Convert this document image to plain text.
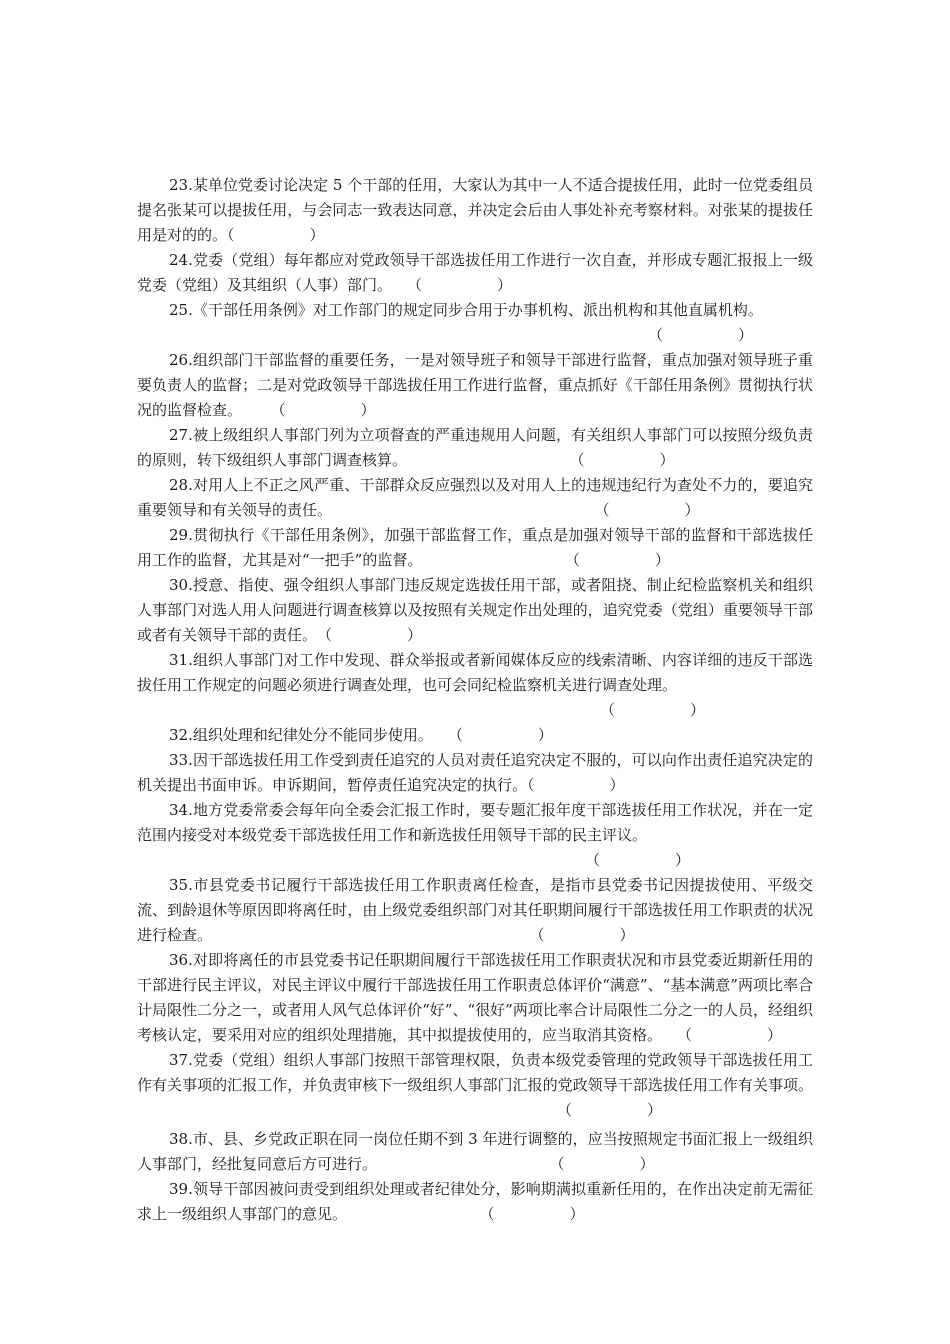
23.某单位党委讨论决定 5 个干部的任用，大家认为其中一人不适合提拔任用，此时一位党委组员提名张某可以提拔任用，与会同志一致表达同意，并决定会后由人事处补充考察材料。对张某的提拔任用是对的的。（　　　　　）

24.党委（党组）每年都应对党政领导干部选拔任用工作进行一次自查，并形成专题汇报报上一级党委（党组）及其组织（人事）部门。　　（　　　　　）

25.《干部任用条例》对工作部门的规定同步合用于办事机构、派出机构和其他直属机构。
（　　　　　）

26.组织部门干部监督的重要任务，一是对领导班子和领导干部进行监督，重点加强对领导班子重要负责人的监督；二是对党政领导干部选拔任用工作进行监督，重点抓好《干部任用条例》贯彻执行状况的监督检查。 （　　　　　）

27.被上级组织人事部门列为立项督查的严重违规用人问题，有关组织人事部门可以按照分级负责的原则，转下级组织人事部门调查核算。	（　　　　　）

28.对用人上不正之风严重、干部群众反应强烈以及对用人上的违规违纪行为查处不力的，要追究重要领导和有关领导的责任。	（　　　　　）

29.贯彻执行《干部任用条例》，加强干部监督工作，重点是加强对领导干部的监督和干部选拔任用工作的监督，尤其是对“一把手”的监督。	（　　　　　）

30.授意、指使、强令组织人事部门违反规定选拔任用干部，或者阻挠、制止纪检监察机关和组织人事部门对选人用人问题进行调查核算以及按照有关规定作出处理的，追究党委（党组）重要领导干部或者有关领导干部的责任。　（　　　　　）

31.组织人事部门对工作中发现、群众举报或者新闻媒体反应的线索清晰、内容详细的违反干部选拔任用工作规定的问题必须进行调查处理，也可会同纪检监察机关进行调查处理。
（　　　　　）

32.组织处理和纪律处分不能同步使用。　　（　　　　　）

33.因干部选拔任用工作受到责任追究的人员对责任追究决定不服的，可以向作出责任追究决定的机关提出书面申诉。申诉期间，暂停责任追究决定的执行。（　　　　　）

34.地方党委常委会每年向全委会汇报工作时，要专题汇报年度干部选拔任用工作状况，并在一定范围内接受对本级党委干部选拔任用工作和新选拔任用领导干部的民主评议。
（　　　　　）

35.市县党委书记履行干部选拔任用工作职责离任检查，是指市县党委书记因提拔使用、平级交流、到龄退休等原因即将离任时，由上级党委组织部门对其任职期间履行干部选拔任用工作职责的状况进行检查。	（　　　　　）

36.对即将离任的市县党委书记任职期间履行干部选拔任用工作职责状况和市县党委近期新任用的干部进行民主评议，对民主评议中履行干部选拔任用工作职责总体评价“满意”、“基本满意”两项比率合计局限性二分之一，或者用人风气总体评价“好”、“很好”两项比率合计局限性二分之一的人员，经组织考核认定，要采用对应的组织处理措施，其中拟提拔使用的，应当取消其资格。　　（　　　　　）

37.党委（党组）组织人事部门按照干部管理权限，负责本级党委管理的党政领导干部选拔任用工作有关事项的汇报工作，并负责审核下一级组织人事部门汇报的党政领导干部选拔任用工作有关事项。（　　　　　）

38.市、县、乡党政正职在同一岗位任期不到 3 年进行调整的，应当按照规定书面汇报上一级组织人事部门，经批复同意后方可进行。	（　　　　　）

39.领导干部因被问责受到组织处理或者纪律处分，影响期满拟重新任用的，在作出决定前无需征求上一级组织人事部门的意见。	（　　　　　）
